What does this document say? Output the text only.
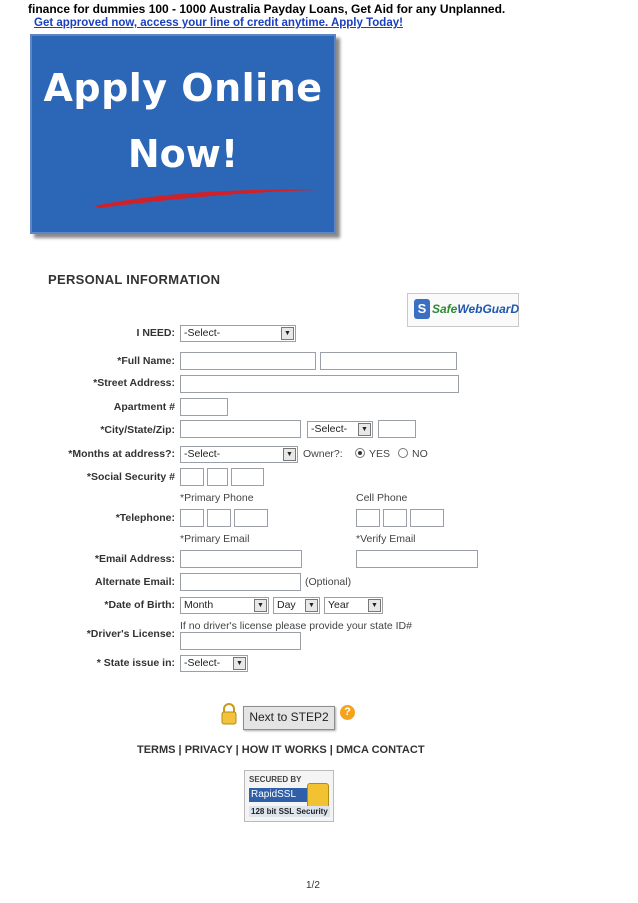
finance for dummies 100 - 1000 Australia Payday Loans, Get Aid for any Unplanned.
Get approved now, access your line of credit anytime. Apply Today!
Apply Online
Now!
PERSONAL INFORMATION
S SafeWebGuarD
I NEED: -Select-	▼
*Full Name:
*Street Address:
Apartment #
*City/State/Zip:	-Select-	▼
*Months at address?: -Select-	▼ Owner?:	YES NO
*Social Security #
*Primary Phone	Cell Phone
*Telephone:
*Primary Email	*Verify Email
*Email Address:
Alternate Email:	(Optional)
*Date of Birth: Month	▼	Day	▼	Year	▼
If no driver's license please provide your state ID#
*Driver's License:
* State issue in: -Select-	▼
Next to STEP2	?
TERMS | PRIVACY | HOW IT WORKS | DMCA CONTACT
SECURED BY
RapidSSL
128 bit SSL Security
1/2
